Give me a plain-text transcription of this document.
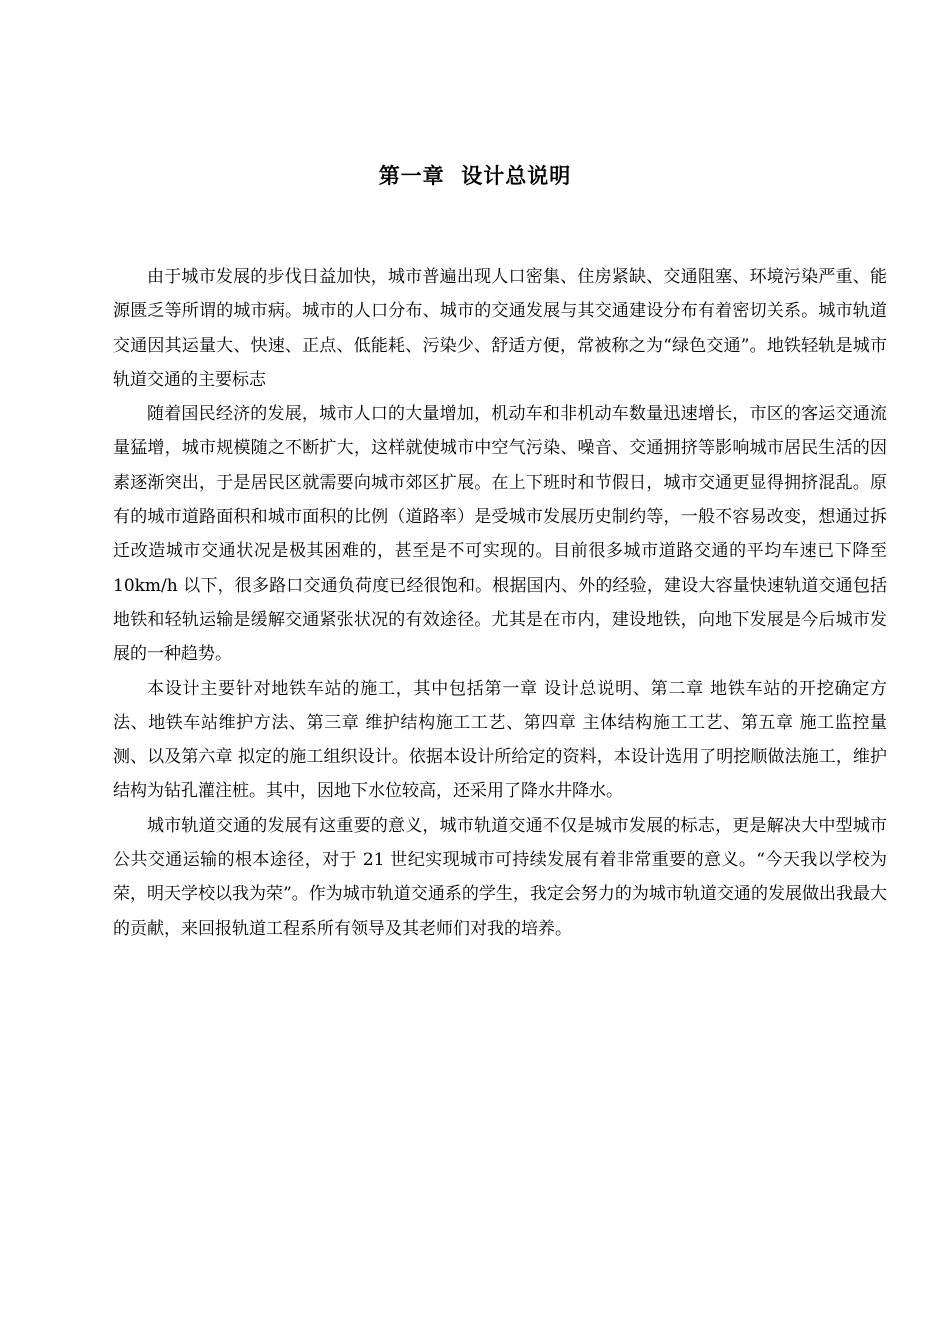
第一章  设计总说明

由于城市发展的步伐日益加快，城市普遍出现人口密集、住房紧缺、交通阻塞、环境污染严重、能源匮乏等所谓的城市病。城市的人口分布、城市的交通发展与其交通建设分布有着密切关系。城市轨道交通因其运量大、快速、正点、低能耗、污染少、舒适方便，常被称之为“绿色交通”。地铁轻轨是城市轨道交通的主要标志

随着国民经济的发展，城市人口的大量增加，机动车和非机动车数量迅速增长，市区的客运交通流量猛增，城市规模随之不断扩大，这样就使城市中空气污染、噪音、交通拥挤等影响城市居民生活的因素逐渐突出，于是居民区就需要向城市郊区扩展。在上下班时和节假日，城市交通更显得拥挤混乱。原有的城市道路面积和城市面积的比例（道路率）是受城市发展历史制约等，一般不容易改变，想通过拆迁改造城市交通状况是极其困难的，甚至是不可实现的。目前很多城市道路交通的平均车速已下降至 10km/h 以下，很多路口交通负荷度已经很饱和。根据国内、外的经验，建设大容量快速轨道交通包括地铁和轻轨运输是缓解交通紧张状况的有效途径。尤其是在市内，建设地铁，向地下发展是今后城市发展的一种趋势。

本设计主要针对地铁车站的施工，其中包括第一章 设计总说明、第二章 地铁车站的开挖确定方法、地铁车站维护方法、第三章 维护结构施工工艺、第四章 主体结构施工工艺、第五章 施工监控量测、以及第六章 拟定的施工组织设计。依据本设计所给定的资料，本设计选用了明挖顺做法施工，维护结构为钻孔灌注桩。其中，因地下水位较高，还采用了降水井降水。

城市轨道交通的发展有这重要的意义，城市轨道交通不仅是城市发展的标志，更是解决大中型城市公共交通运输的根本途径，对于 21 世纪实现城市可持续发展有着非常重要的意义。“今天我以学校为荣，明天学校以我为荣”。作为城市轨道交通系的学生，我定会努力的为城市轨道交通的发展做出我最大的贡献，来回报轨道工程系所有领导及其老师们对我的培养。
